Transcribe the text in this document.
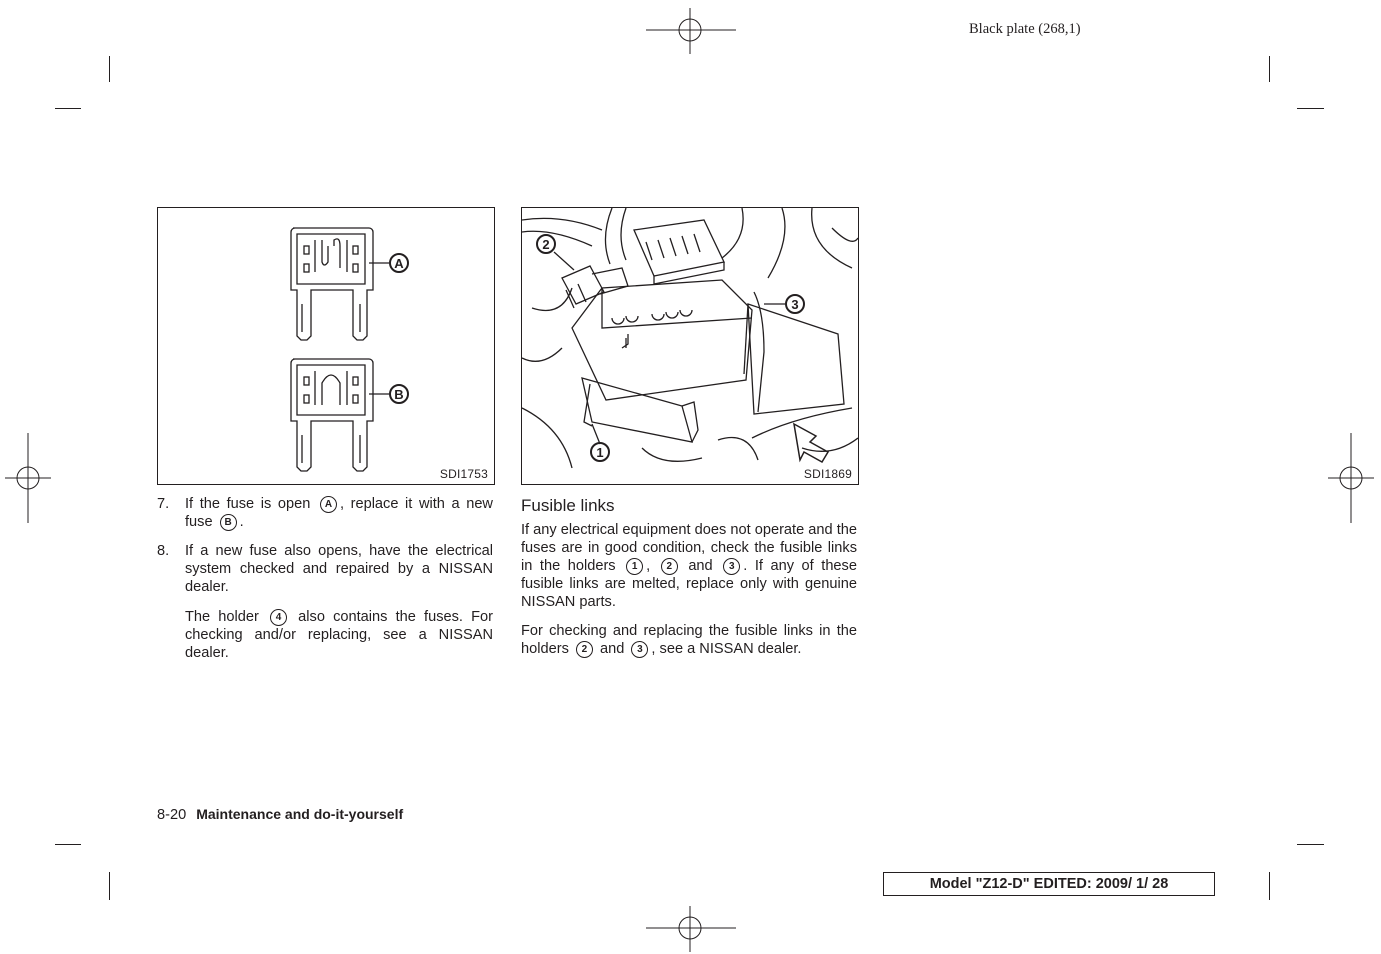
Black plate (268,1)
A
B
SDI1753
1
2
3
SDI1869
7. If the fuse is open A , replace it with a new fuse B .

8. If a new fuse also opens, have the electrical system checked and repaired by a NISSAN dealer.

The holder 4 also contains the fuses. For checking and/or replacing, see a NISSAN dealer.

Fusible links

If any electrical equipment does not operate and the fuses are in good condition, check the fusible links in the holders 1 , 2 and 3 . If any of these fusible links are melted, replace only with genuine NISSAN parts.

For checking and replacing the fusible links in the holders 2 and 3 , see a NISSAN dealer.

8-20 Maintenance and do-it-yourself
Model "Z12-D" EDITED: 2009/ 1/ 28
